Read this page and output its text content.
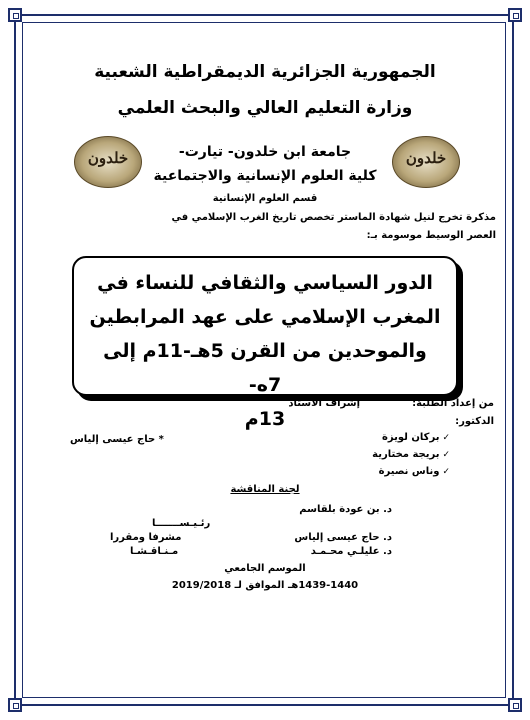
الجمهورية الجزائرية الديمقراطية الشعبية
وزارة التعليم العالي والبحث العلمي
خلدون	خلدون
جامعة ابن خلدون- تيارت-
كلية العلوم الإنسانية والاجتماعية
قسم العلوم الإنسانية
مذكرة تخرج لنيل شهادة الماستر تخصص تاريخ الغرب الإسلامي في
العصر الوسيط موسومة بـ:
الدور السياسي والثقافي للنساء في
المغرب الإسلامي على عهد المرابطين
والموحدين من القرن 5هـ-11م إلى 7ه-
13م
من إعداد الطلبة:
إشراف الأستاذ
الدكتور:
✓بركان لويزة
✓بريجة مختارية
✓وناس نصيرة
* حاج عيسى إلياس
لجنة المناقشة
د. بن عودة بلقاسم
رئـيـســـــــا
د. حاج عيسى إلياس
مشرفا ومقررا
د. عليلـي محـمـد
مـنـاقـشـا
الموسم الجامعي
1439-1440هـ الموافق لـ 2019/2018
